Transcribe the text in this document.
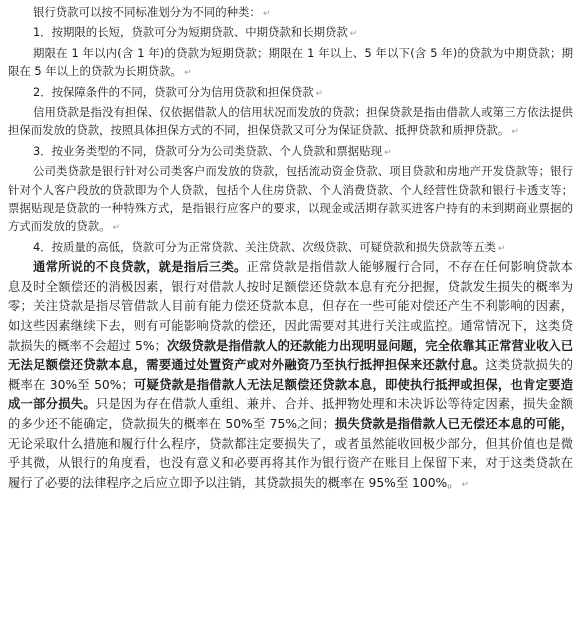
银行贷款可以按不同标准划分为不同的种类： ↵

1．按期限的长短，贷款可分为短期贷款、中期贷款和长期贷款 ↵

期限在 1 年以内(含 1 年)的贷款为短期贷款；期限在 1 年以上、5 年以下(含 5 年)的贷款为中期贷款；期限在 5 年以上的贷款为长期贷款。 ↵

2．按保障条件的不同，贷款可分为信用贷款和担保贷款 ↵

信用贷款是指没有担保、仅依据借款人的信用状况而发放的贷款；担保贷款是指由借款人或第三方依法提供担保而发放的贷款，按照具体担保方式的不同，担保贷款又可分为保证贷款、抵押贷款和质押贷款。 ↵

3．按业务类型的不同，贷款可分为公司类贷款、个人贷款和票据贴现 ↵

公司类贷款是银行针对公司类客户而发放的贷款，包括流动资金贷款、项目贷款和房地产开发贷款等；银行针对个人客户段放的贷款即为个人贷款，包括个人住房贷款、个人消费贷款、个人经营性贷款和银行卡透支等；票据贴现是贷款的一种特殊方式，是指银行应客户的要求，以现金或活期存款买进客户持有的未到期商业票据的方式而发放的贷款。 ↵

4．按质量的高低，贷款可分为正常贷款、关注贷款、次级贷款、可疑贷款和损失贷款等五类 ↵

通常所说的不良贷款，就是指后三类。正常贷款是指借款人能够履行合同，不存在任何影响贷款本息及时全额偿还的消极因素，银行对借款人按时足额偿还贷款本息有充分把握，贷款发生损失的概率为零；关注贷款是指尽管借款人目前有能力偿还贷款本息，但存在一些可能对偿还产生不利影响的因素，如这些因素继续下去，则有可能影响贷款的偿还，因此需要对其进行关注或监控。通常情况下，这类贷款损失的概率不会超过 5%；次级贷款是指借款人的还款能力出现明显问题，完全依靠其正常营业收入已无法足额偿还贷款本息，需要通过处置资产或对外融资乃至执行抵押担保来还款付息。这类贷款损失的概率在 30%至 50%；可疑贷款是指借款人无法足额偿还贷款本息，即使执行抵押或担保，也肯定要造成一部分损失。只是因为存在借款人重组、兼并、合并、抵押物处理和未决诉讼等待定因素，损失金额的多少还不能确定，贷款损失的概率在 50%至 75%之间；损失贷款是指借款人已无偿还本息的可能，无论采取什么措施和履行什么程序，贷款都注定要损失了，或者虽然能收回极少部分，但其价值也是微乎其微，从银行的角度看，也没有意义和必要再将其作为银行资产在账目上保留下来，对于这类贷款在履行了必要的法律程序之后应立即予以注销，其贷款损失的概率在 95%至 100%。 ↵
